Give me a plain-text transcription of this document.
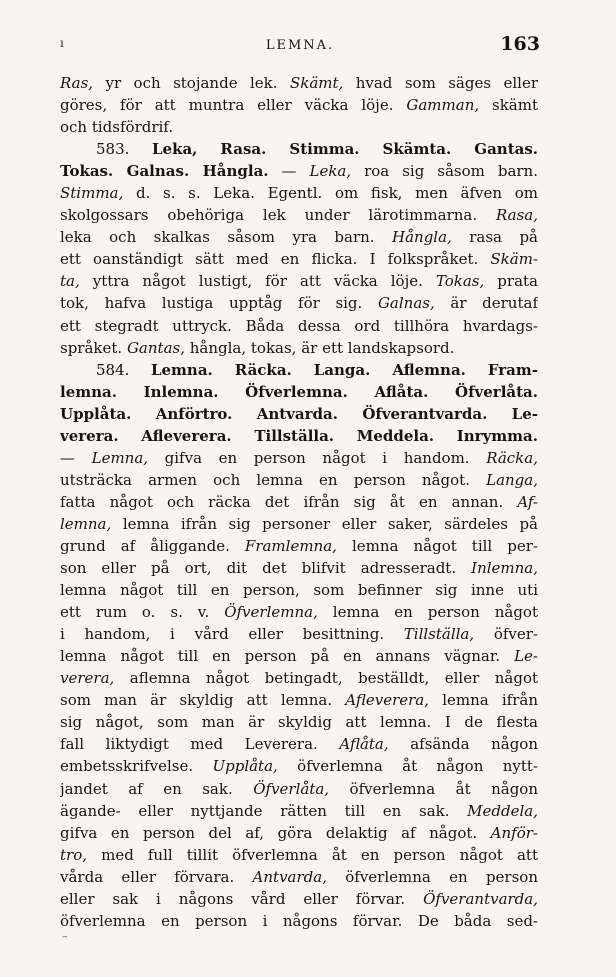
ı	LEMNA.	163
Ras, yr och stojande lek. Skämt, hvad som säges eller
göres, för att muntra eller väcka löje. Gamman, skämt
och tidsfördrif.
583. Leka, Rasa. Stimma. Skämta. Gantas.
Tokas. Galnas. Hångla. — Leka, roa sig såsom barn.
Stimma, d. s. s. Leka. Egentl. om fisk, men äfven om
skolgossars obehöriga lek under lärotimmarna. Rasa,
leka och skalkas såsom yra barn. Hångla, rasa på
ett oanständigt sätt med en flicka. I folkspråket. Skäm-
ta, yttra något lustigt, för att väcka löje. Tokas, prata
tok, hafva lustiga upptåg för sig. Galnas, är derutaf
ett stegradt uttryck. Båda dessa ord tillhöra hvardags-
språket. Gantas, hångla, tokas, är ett landskapsord.
584. Lemna. Räcka. Langa. Aflemna. Fram-
lemna. Inlemna. Öfverlemna. Aflåta. Öfverlåta.
Upplåta. Anförtro. Antvarda. Öfverantvarda. Le-
verera. Afleverera. Tillställa. Meddela. Inrymma.
— Lemna, gifva en person något i handom. Räcka,
utsträcka armen och lemna en person något. Langa,
fatta något och räcka det ifrån sig åt en annan. Af-
lemna, lemna ifrån sig personer eller saker, särdeles på
grund af åliggande. Framlemna, lemna något till per-
son eller på ort, dit det blifvit adresseradt. Inlemna,
lemna något till en person, som befinner sig inne uti
ett rum o. s. v. Öfverlemna, lemna en person något
i handom, i vård eller besittning. Tillställa, öfver-
lemna något till en person på en annans vägnar. Le-
verera, aflemna något betingadt, beställdt, eller något
som man är skyldig att lemna. Afleverera, lemna ifrån
sig något, som man är skyldig att lemna. I de flesta
fall liktydigt med Leverera. Aflåta, afsända någon
embetsskrifvelse. Upplåta, öfverlemna åt någon nytt-
jandet af en sak. Öfverlåta, öfverlemna åt någon
ägande- eller nyttjande rätten till en sak. Meddela,
gifva en person del af, göra delaktig af något. Anför-
tro, med full tillit öfverlemna åt en person något att
vårda eller förvara. Antvarda, öfverlemna en person
eller sak i någons vård eller förvar. Öfverantvarda,
öfverlemna en person i någons förvar. De båda sed-
–
